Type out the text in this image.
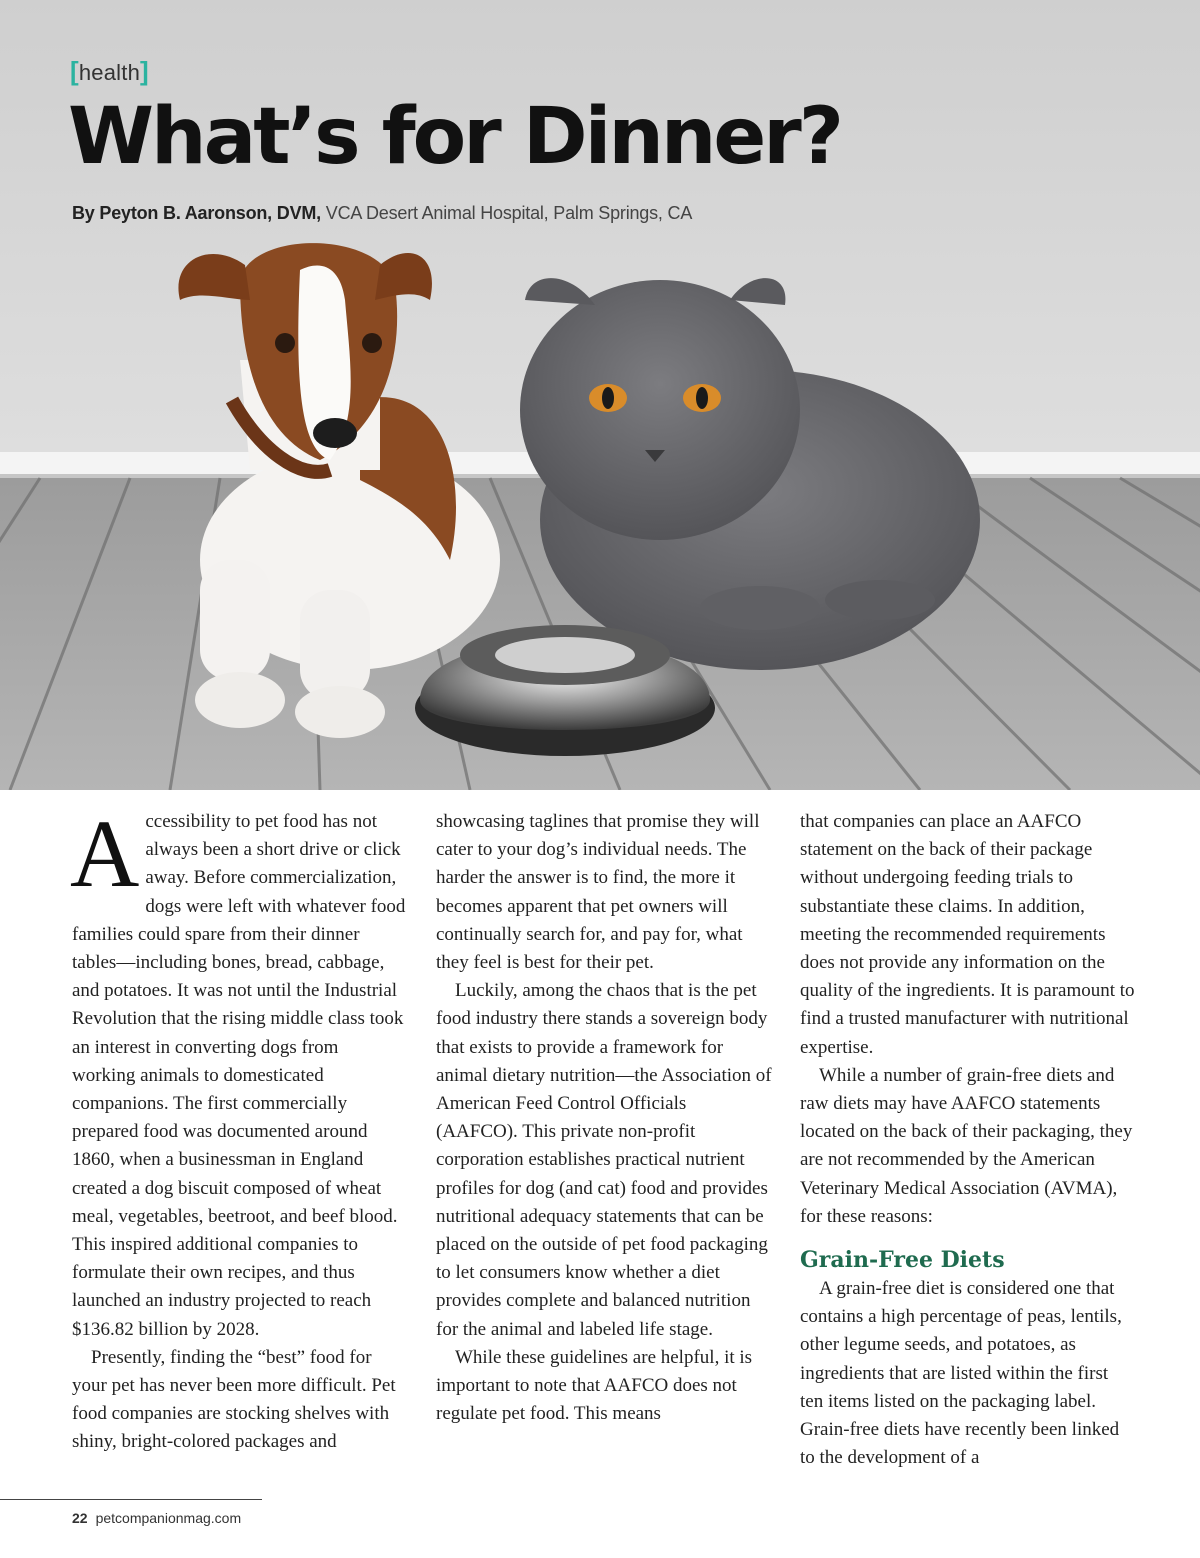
[health]
What’s for Dinner?
By Peyton B. Aaronson, DVM, VCA Desert Animal Hospital, Palm Springs, CA

Accessibility to pet food has not always been a short drive or click away. Before commercialization, dogs were left with whatever food families could spare from their dinner tables—including bones, bread, cabbage, and potatoes. It was not until the Industrial Revolution that the rising middle class took an interest in converting dogs from working animals to domesticated companions. The first commercially prepared food was documented around 1860, when a businessman in England created a dog biscuit composed of wheat meal, vegetables, beetroot, and beef blood. This inspired additional companies to formulate their own recipes, and thus launched an industry projected to reach $136.82 billion by 2028.

Presently, finding the “best” food for your pet has never been more difficult. Pet food companies are stocking shelves with shiny, bright-colored packages and

showcasing taglines that promise they will cater to your dog’s individual needs. The harder the answer is to find, the more it becomes apparent that pet owners will continually search for, and pay for, what they feel is best for their pet.

Luckily, among the chaos that is the pet food industry there stands a sovereign body that exists to provide a framework for animal dietary nutrition—the Association of American Feed Control Officials (AAFCO). This private non-profit corporation establishes practical nutrient profiles for dog (and cat) food and provides nutritional adequacy statements that can be placed on the outside of pet food packaging to let consumers know whether a diet provides complete and balanced nutrition for the animal and labeled life stage.

While these guidelines are helpful, it is important to note that AAFCO does not regulate pet food. This means

that companies can place an AAFCO statement on the back of their package without undergoing feeding trials to substantiate these claims. In addition, meeting the recommended requirements does not provide any information on the quality of the ingredients. It is paramount to find a trusted manufacturer with nutritional expertise.

While a number of grain-free diets and raw diets may have AAFCO statements located on the back of their packaging, they are not recommended by the American Veterinary Medical Association (AVMA), for these reasons:

Grain-Free Diets

A grain-free diet is considered one that contains a high percentage of peas, lentils, other legume seeds, and potatoes, as ingredients that are listed within the first ten items listed on the packaging label. Grain-free diets have recently been linked to the development of a

22 petcompanionmag.com
